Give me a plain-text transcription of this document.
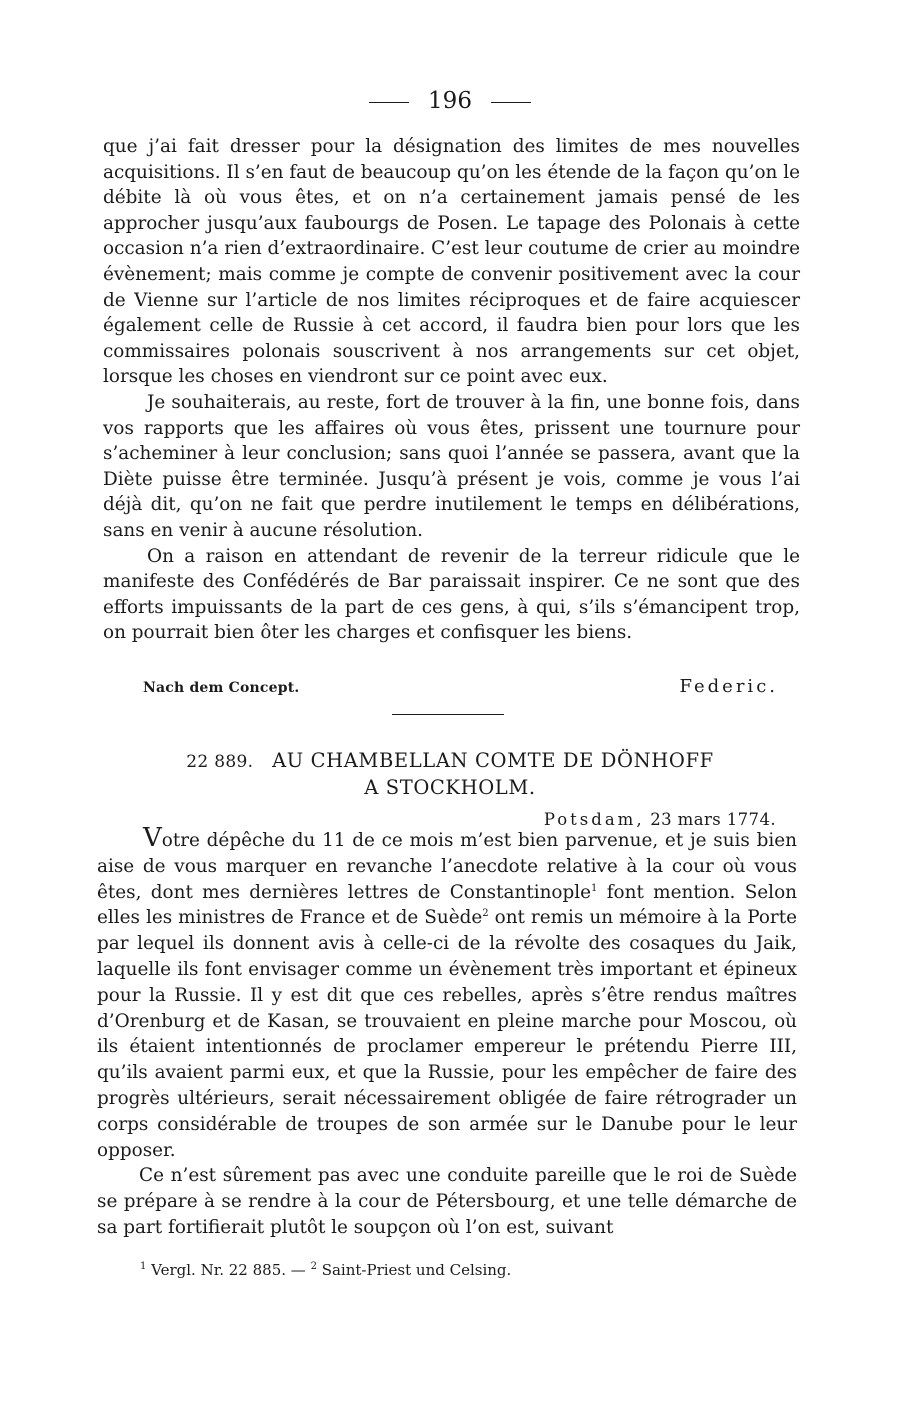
196

que j’ai fait dresser pour la désignation des limites de mes nouvelles acquisitions. Il s’en faut de beaucoup qu’on les étende de la façon qu’on le débite là où vous êtes, et on n’a certainement jamais pensé de les approcher jusqu’aux faubourgs de Posen. Le tapage des Polonais à cette occasion n’a rien d’extraordinaire. C’est leur coutume de crier au moindre évènement; mais comme je compte de convenir positivement avec la cour de Vienne sur l’article de nos limites réciproques et de faire acquiescer également celle de Russie à cet accord, il faudra bien pour lors que les commissaires polonais souscrivent à nos arrangements sur cet objet, lorsque les choses en viendront sur ce point avec eux.

Je souhaiterais, au reste, fort de trouver à la fin, une bonne fois, dans vos rapports que les affaires où vous êtes, prissent une tournure pour s’acheminer à leur conclusion; sans quoi l’année se passera, avant que la Diète puisse être terminée. Jusqu’à présent je vois, comme je vous l’ai déjà dit, qu’on ne fait que perdre inutilement le temps en délibérations, sans en venir à aucune résolution.

On a raison en attendant de revenir de la terreur ridicule que le manifeste des Confédérés de Bar paraissait inspirer. Ce ne sont que des efforts impuissants de la part de ces gens, à qui, s’ils s’émancipent trop, on pourrait bien ôter les charges et confisquer les biens.

Nach dem Concept.	Federic.
22 889. AU CHAMBELLAN COMTE DE DÖNHOFF
A STOCKHOLM.
Potsdam, 23 mars 1774.

Votre dépêche du 11 de ce mois m’est bien parvenue, et je suis bien aise de vous marquer en revanche l’anecdote relative à la cour où vous êtes, dont mes dernières lettres de Constantinople$^1$ font mention. Selon elles les ministres de France et de Suède$^2$ ont remis un mémoire à la Porte par lequel ils donnent avis à celle-ci de la révolte des cosaques du Jaik, laquelle ils font envisager comme un évènement très important et épineux pour la Russie. Il y est dit que ces rebelles, après s’être rendus maîtres d’Orenburg et de Kasan, se trouvaient en pleine marche pour Moscou, où ils étaient intentionnés de proclamer empereur le prétendu Pierre III, qu’ils avaient parmi eux, et que la Russie, pour les empêcher de faire des progrès ultérieurs, serait nécessairement obligée de faire rétrograder un corps considérable de troupes de son armée sur le Danube pour le leur opposer.

Ce n’est sûrement pas avec une conduite pareille que le roi de Suède se prépare à se rendre à la cour de Pétersbourg, et une telle démarche de sa part fortifierait plutôt le soupçon où l’on est, suivant

$^1$ Vergl. Nr. 22 885. — $^2$ Saint-Priest und Celsing.
